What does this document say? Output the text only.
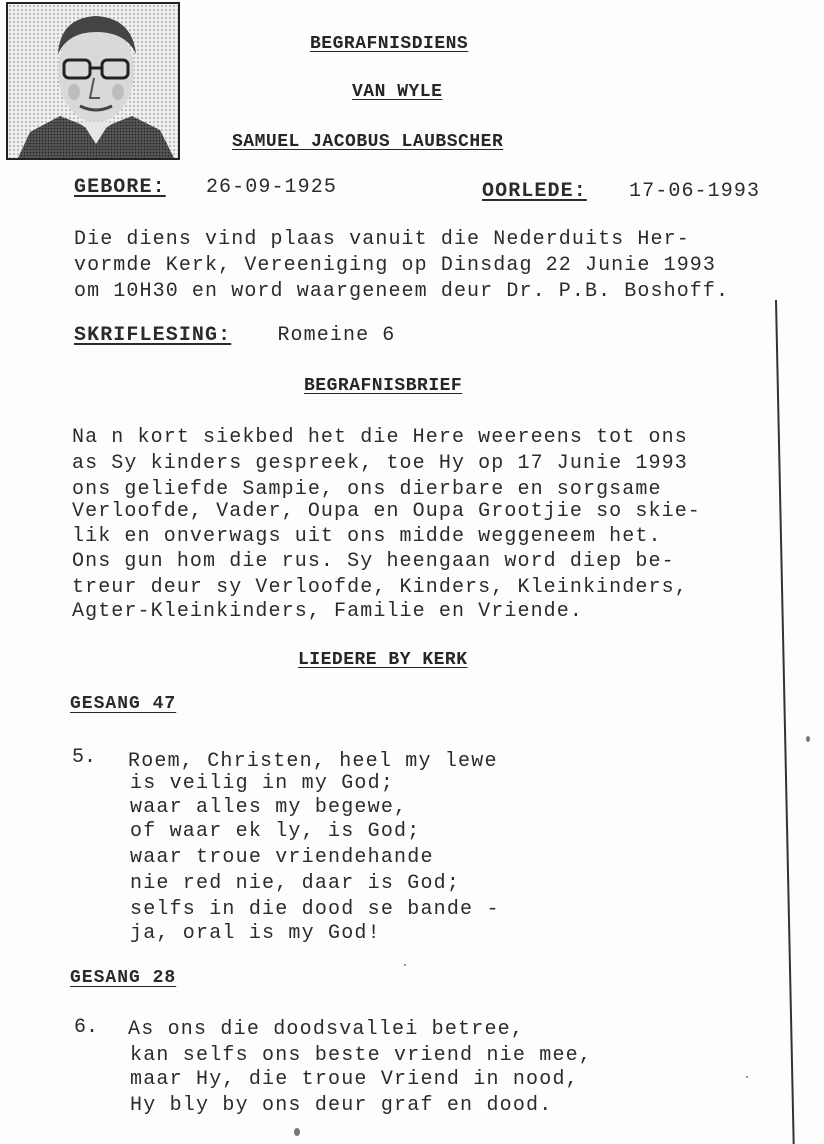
BEGRAFNISDIENS
VAN WYLE
SAMUEL JACOBUS LAUBSCHER
GEBORE: 26-09-1925	OORLEDE: 17-06-1993
Die diens vind plaas vanuit die Nederduits Her-
vormde Kerk, Vereeniging op Dinsdag 22 Junie 1993
om 10H30 en word waargeneem deur Dr. P.B. Boshoff.
SKRIFLESING: Romeine 6
BEGRAFNISBRIEF
Na n kort siekbed het die Here weereens tot ons
as Sy kinders gespreek, toe Hy op 17 Junie 1993
ons geliefde Sampie, ons dierbare en sorgsame
Verloofde, Vader, Oupa en Oupa Grootjie so skie-
lik en onverwags uit ons midde weggeneem het.
Ons gun hom die rus. Sy heengaan word diep be-
treur deur sy Verloofde, Kinders, Kleinkinders,
Agter-Kleinkinders, Familie en Vriende.
LIEDERE BY KERK
GESANG 47
5. Roem, Christen, heel my lewe
is veilig in my God;
waar alles my begewe,
of waar ek ly, is God;
waar troue vriendehande
nie red nie, daar is God;
selfs in die dood se bande -
ja, oral is my God!
GESANG 28
6. As ons die doodsvallei betree,
kan selfs ons beste vriend nie mee,
maar Hy, die troue Vriend in nood,
Hy bly by ons deur graf en dood.
